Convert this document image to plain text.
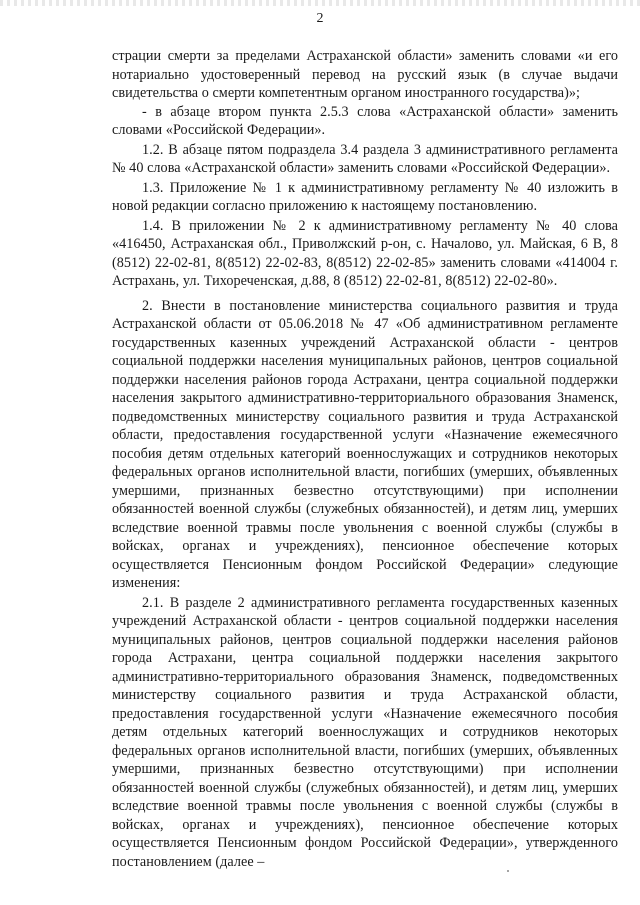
2

страции смерти за пределами Астраханской области» заменить словами «и его нотариально удостоверенный перевод на русский язык (в случае выдачи свидетельства о смерти компетентным органом иностранного государства)»;

- в абзаце втором пункта 2.5.3 слова «Астраханской области» заменить словами «Российской Федерации».

1.2. В абзаце пятом подраздела 3.4 раздела 3 административного регламента № 40 слова «Астраханской области» заменить словами «Российской Федерации».

1.3. Приложение № 1 к административному регламенту № 40 изложить в новой редакции согласно приложению к настоящему постановлению.

1.4. В приложении № 2 к административному регламенту № 40 слова «416450, Астраханская обл., Приволжский р-он, с. Началово, ул. Майская, 6 В, 8 (8512) 22-02-81, 8(8512) 22-02-83, 8(8512) 22-02-85» заменить словами «414004 г. Астрахань, ул. Тихореченская, д.88, 8 (8512) 22-02-81, 8(8512) 22-02-80».

2. Внести в постановление министерства социального развития и труда Астраханской области от 05.06.2018 № 47 «Об административном регламенте государственных казенных учреждений Астраханской области - центров социальной поддержки населения муниципальных районов, центров социальной поддержки населения районов города Астрахани, центра социальной поддержки населения закрытого административно-территориального образования Знаменск, подведомственных министерству социального развития и труда Астраханской области, предоставления государственной услуги «Назначение ежемесячного пособия детям отдельных категорий военнослужащих и сотрудников некоторых федеральных органов исполнительной власти, погибших (умерших, объявленных умершими, признанных безвестно отсутствующими) при исполнении обязанностей военной службы (служебных обязанностей), и детям лиц, умерших вследствие военной травмы после увольнения с военной службы (службы в войсках, органах и учреждениях), пенсионное обеспечение которых осуществляется Пенсионным фондом Российской Федерации» следующие изменения:

2.1. В разделе 2 административного регламента государственных казенных учреждений Астраханской области - центров социальной поддержки населения муниципальных районов, центров социальной поддержки населения районов города Астрахани, центра социальной поддержки населения закрытого административно-территориального образования Знаменск, подведомственных министерству социального развития и труда Астраханской области, предоставления государственной услуги «Назначение ежемесячного пособия детям отдельных категорий военнослужащих и сотрудников некоторых федеральных органов исполнительной власти, погибших (умерших, объявленных умершими, признанных безвестно отсутствующими) при исполнении обязанностей военной службы (служебных обязанностей), и детям лиц, умерших вследствие военной травмы после увольнения с военной службы (службы в войсках, органах и учреждениях), пенсионное обеспечение которых осуществляется Пенсионным фондом Российской Федерации», утвержденного постановлением (далее –
